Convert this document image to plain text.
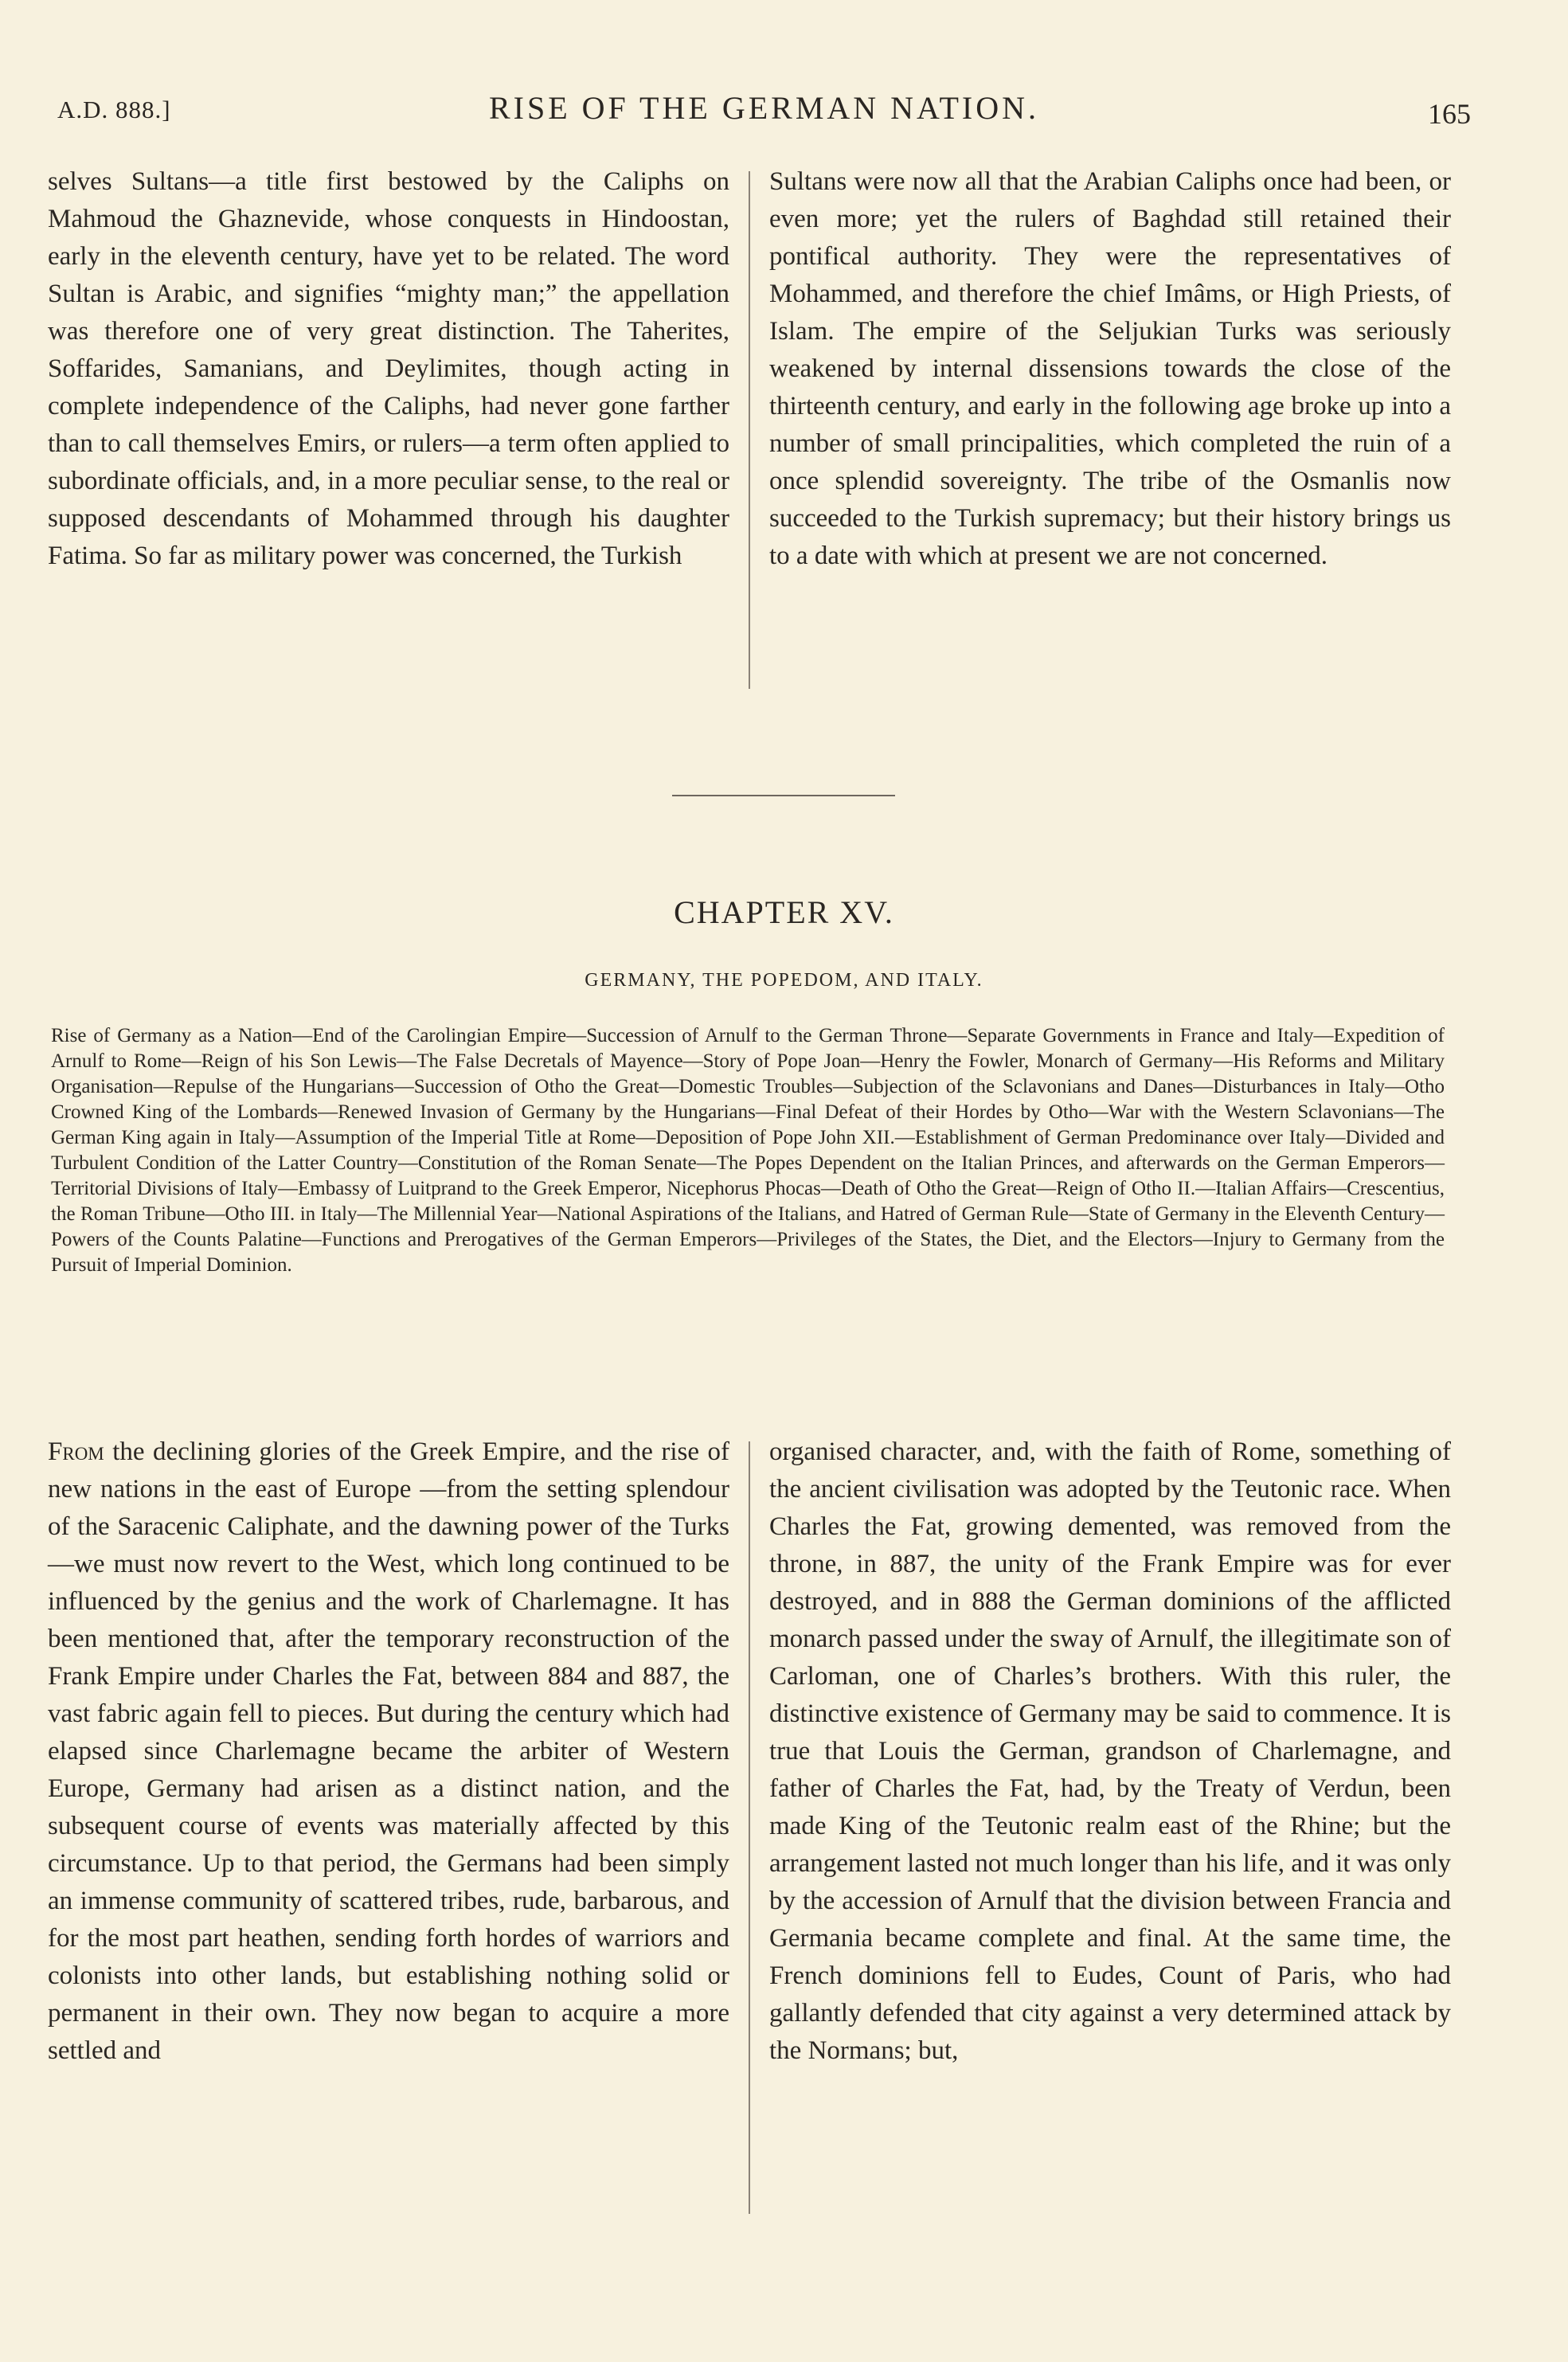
A.D. 888.]	RISE OF THE GERMAN NATION.	165
selves Sultans—a title first bestowed by the Caliphs on Mahmoud the Ghaznevide, whose conquests in Hindoostan, early in the eleventh century, have yet to be related. The word Sultan is Arabic, and signifies “mighty man;” the appellation was therefore one of very great distinction. The Taherites, Soffarides, Samanians, and Deylimites, though acting in complete independence of the Caliphs, had never gone farther than to call themselves Emirs, or rulers—a term often applied to subordinate officials, and, in a more peculiar sense, to the real or supposed descendants of Mohammed through his daughter Fatima. So far as military power was concerned, the Turkish
Sultans were now all that the Arabian Caliphs once had been, or even more; yet the rulers of Baghdad still retained their pontifical authority. They were the representatives of Mohammed, and therefore the chief Imâms, or High Priests, of Islam. The empire of the Seljukian Turks was seriously weakened by internal dissensions towards the close of the thirteenth century, and early in the following age broke up into a number of small principalities, which completed the ruin of a once splendid sovereignty. The tribe of the Osmanlis now succeeded to the Turkish supremacy; but their history brings us to a date with which at present we are not concerned.
CHAPTER XV.
GERMANY, THE POPEDOM, AND ITALY.
Rise of Germany as a Nation—End of the Carolingian Empire—Succession of Arnulf to the German Throne—Separate Governments in France and Italy—Expedition of Arnulf to Rome—Reign of his Son Lewis—The False Decretals of Mayence—Story of Pope Joan—Henry the Fowler, Monarch of Germany—His Reforms and Military Organisation—Repulse of the Hungarians—Succession of Otho the Great—Domestic Troubles—Subjection of the Sclavonians and Danes—Disturbances in Italy—Otho Crowned King of the Lombards—Renewed Invasion of Germany by the Hungarians—Final Defeat of their Hordes by Otho—War with the Western Sclavonians—The German King again in Italy—Assumption of the Imperial Title at Rome—Deposition of Pope John XII.—Establishment of German Predominance over Italy—Divided and Turbulent Condition of the Latter Country—Constitution of the Roman Senate—The Popes Dependent on the Italian Princes, and afterwards on the German Emperors—Territorial Divisions of Italy—Embassy of Luitprand to the Greek Emperor, Nicephorus Phocas—Death of Otho the Great—Reign of Otho II.—Italian Affairs—Crescentius, the Roman Tribune—Otho III. in Italy—The Millennial Year—National Aspirations of the Italians, and Hatred of German Rule—State of Germany in the Eleventh Century—Powers of the Counts Palatine—Functions and Prerogatives of the German Emperors—Privileges of the States, the Diet, and the Electors—Injury to Germany from the Pursuit of Imperial Dominion.
From the declining glories of the Greek Empire, and the rise of new nations in the east of Europe —from the setting splendour of the Saracenic Caliphate, and the dawning power of the Turks—we must now revert to the West, which long continued to be influenced by the genius and the work of Charlemagne. It has been mentioned that, after the temporary reconstruction of the Frank Empire under Charles the Fat, between 884 and 887, the vast fabric again fell to pieces. But during the century which had elapsed since Charlemagne became the arbiter of Western Europe, Germany had arisen as a distinct nation, and the subsequent course of events was materially affected by this circumstance. Up to that period, the Germans had been simply an immense community of scattered tribes, rude, barbarous, and for the most part heathen, sending forth hordes of warriors and colonists into other lands, but establishing nothing solid or permanent in their own. They now began to acquire a more settled and
organised character, and, with the faith of Rome, something of the ancient civilisation was adopted by the Teutonic race. When Charles the Fat, growing demented, was removed from the throne, in 887, the unity of the Frank Empire was for ever destroyed, and in 888 the German dominions of the afflicted monarch passed under the sway of Arnulf, the illegitimate son of Carloman, one of Charles’s brothers. With this ruler, the distinctive existence of Germany may be said to commence. It is true that Louis the German, grandson of Charlemagne, and father of Charles the Fat, had, by the Treaty of Verdun, been made King of the Teutonic realm east of the Rhine; but the arrangement lasted not much longer than his life, and it was only by the accession of Arnulf that the division between Francia and Germania became complete and final. At the same time, the French dominions fell to Eudes, Count of Paris, who had gallantly defended that city against a very determined attack by the Normans; but,
